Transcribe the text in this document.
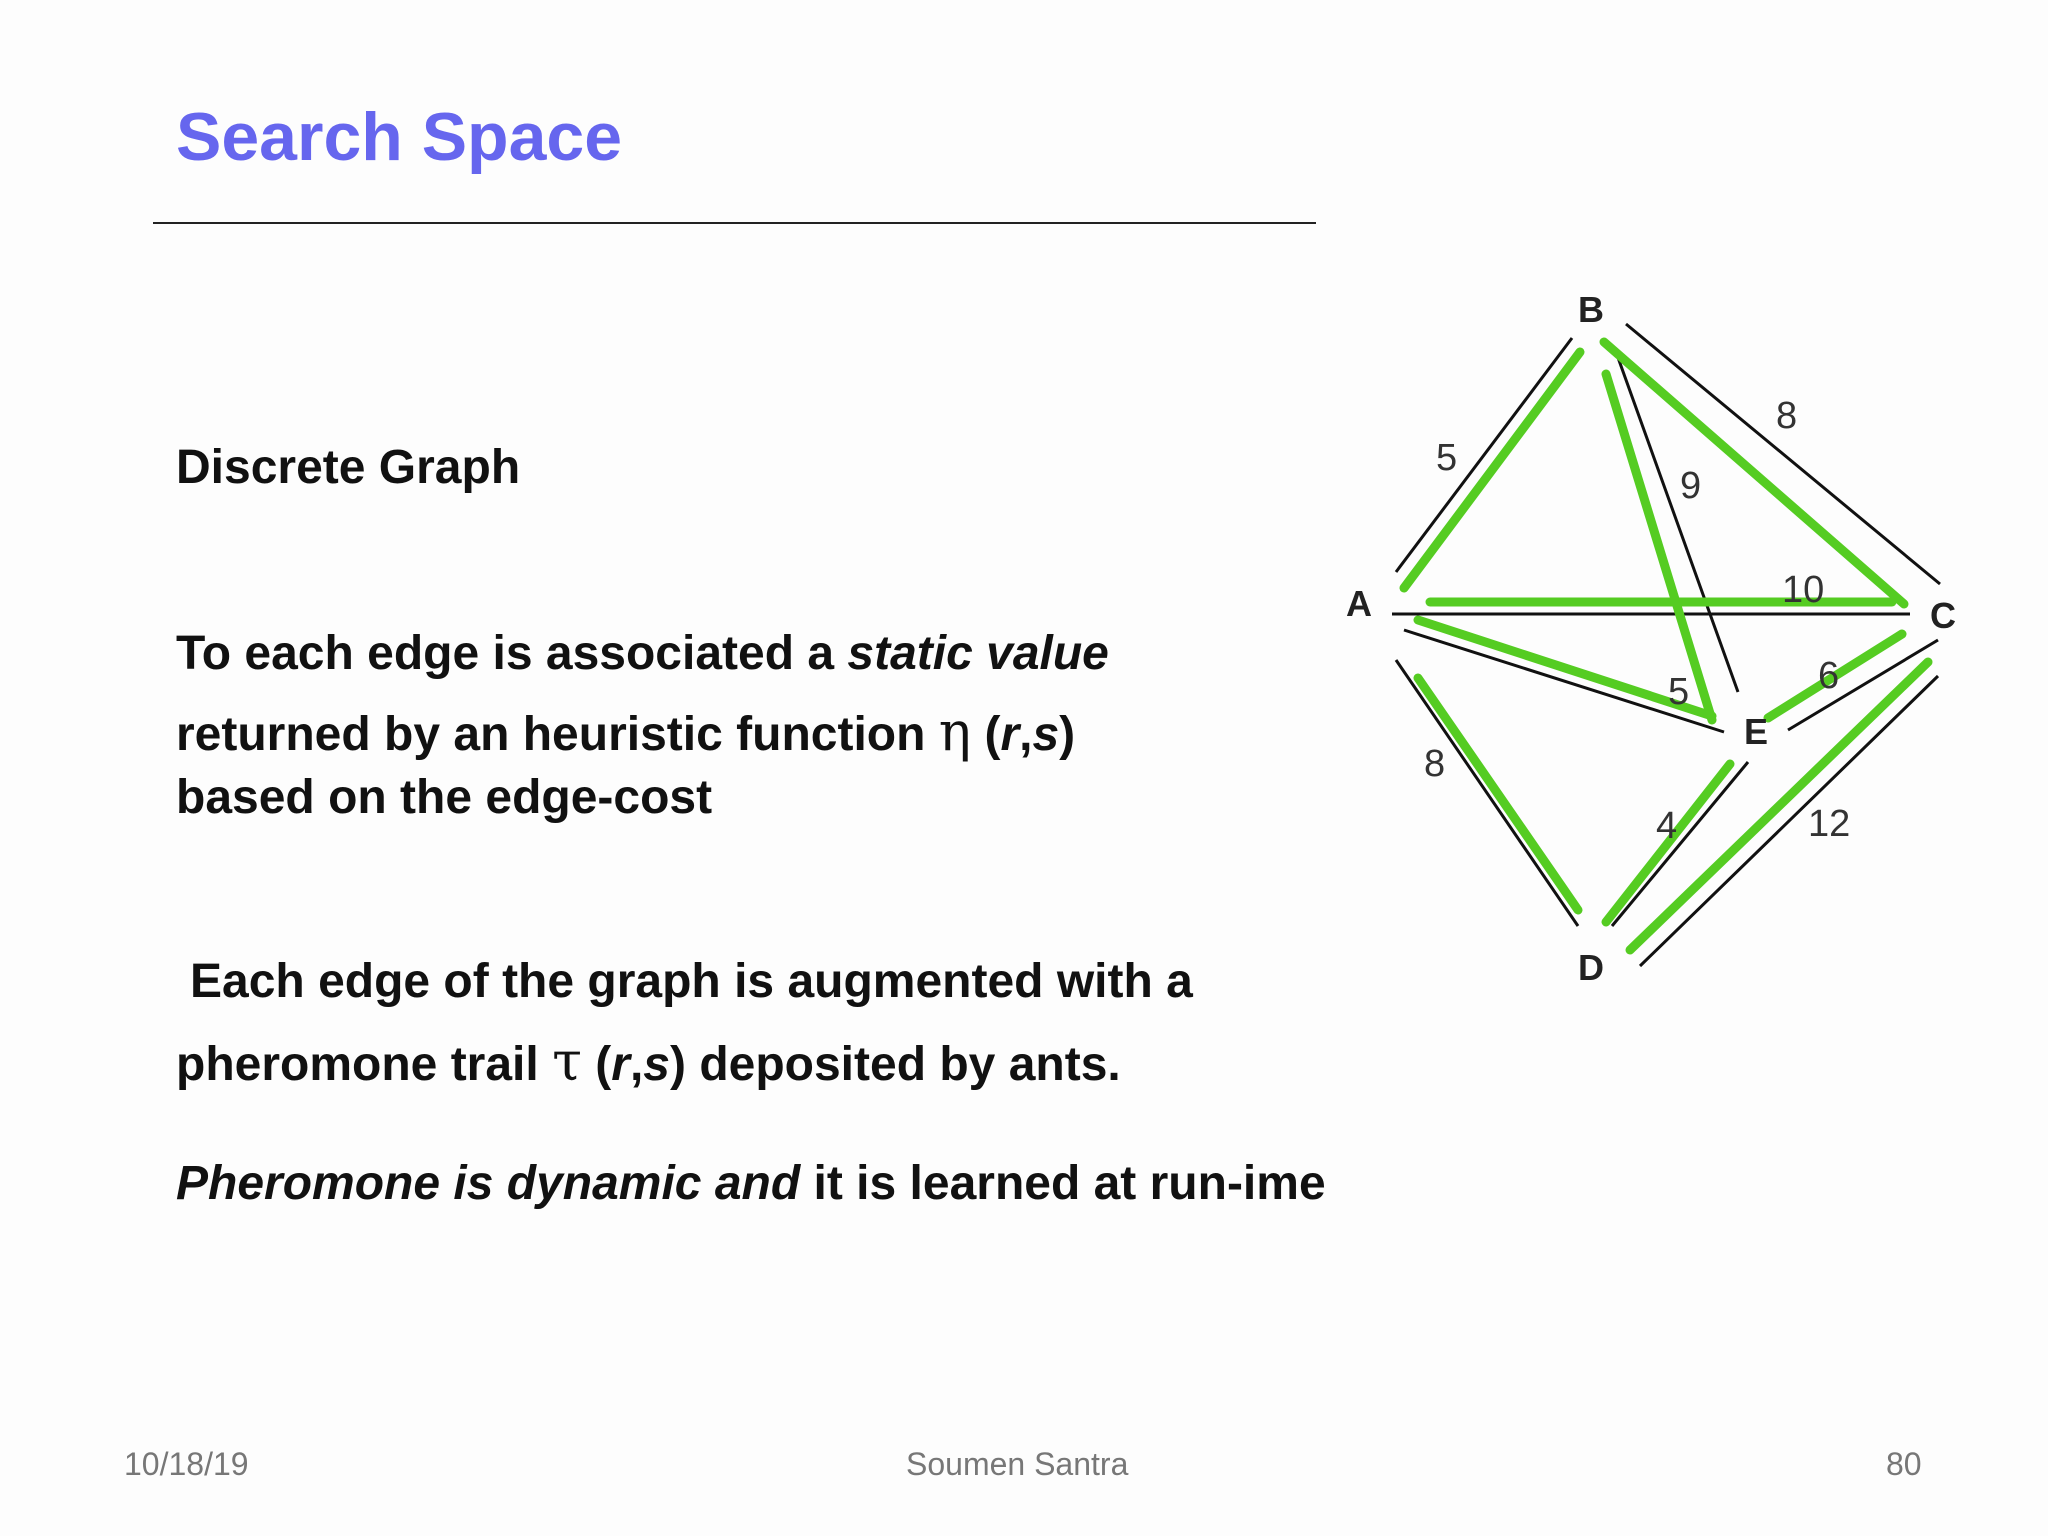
Search Space
Discrete Graph
To each edge is associated a static value
returned by an heuristic function η (r,s)
based on the edge-cost
Each edge of the graph is augmented with a
pheromone trail τ (r,s) deposited by ants.
Pheromone is dynamic and it is learned at run-ime
A
B
C
D
E
5
8
9
10
5	6
8
4	12
10/18/19	Soumen Santra	80
